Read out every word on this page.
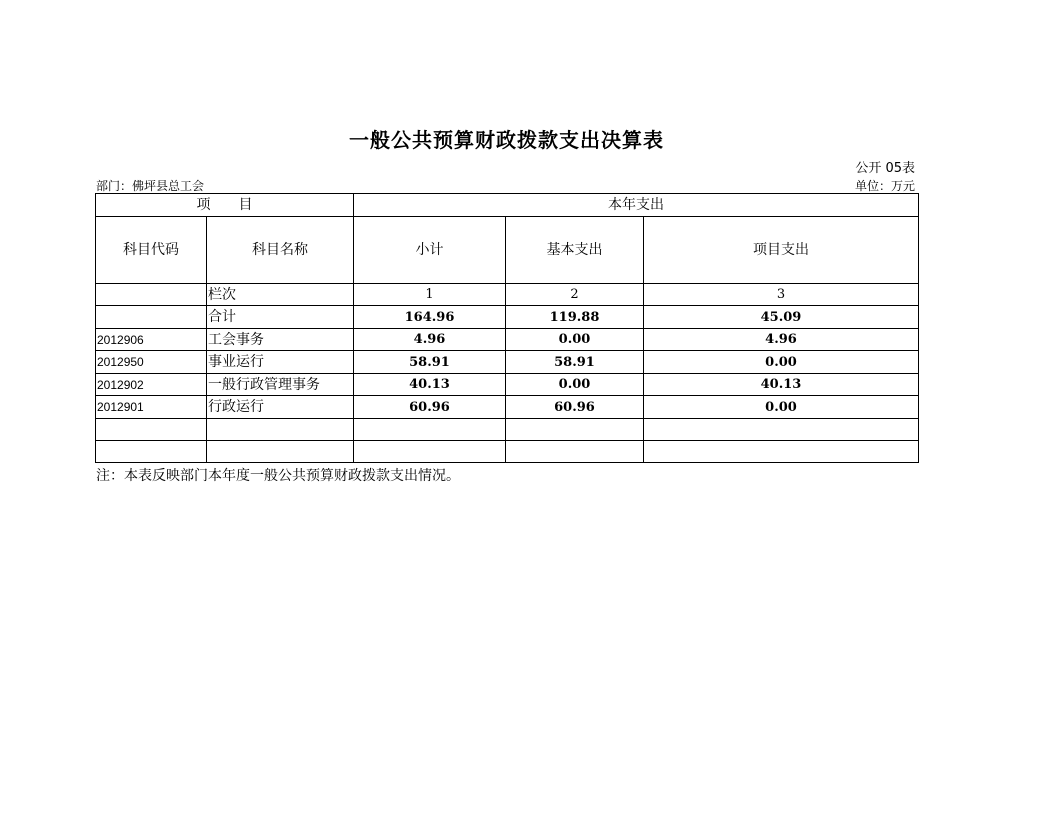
一般公共预算财政拨款支出决算表
公开 05表
部门：佛坪县总工会	单位：万元
项　　目		本年支出		
科目代码	科目名称	小计	基本支出	项目支出
	栏次	1	2	3
	合计	164.96	119.88	45.09
2012906	工会事务	4.96	0.00	4.96
2012950	事业运行	58.91	58.91	0.00
2012902	一般行政管理事务	40.13	0.00	40.13
2012901	行政运行	60.96	60.96	0.00

注：本表反映部门本年度一般公共预算财政拨款支出情况。
